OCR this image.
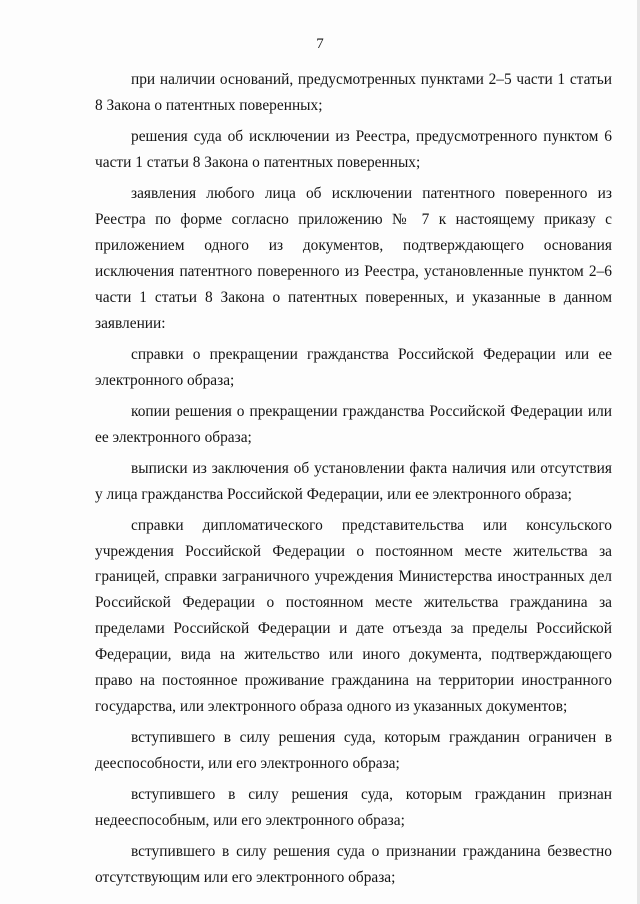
7

при наличии оснований, предусмотренных пунктами 2–5 части 1 статьи 8 Закона о патентных поверенных;

решения суда об исключении из Реестра, предусмотренного пунктом 6 части 1 статьи 8 Закона о патентных поверенных;

заявления любого лица об исключении патентного поверенного из Реестра по форме согласно приложению № 7 к настоящему приказу с приложением одного из документов, подтверждающего основания исключения патентного поверенного из Реестра, установленные пунктом 2–6 части 1 статьи 8 Закона о патентных поверенных, и указанные в данном заявлении:

справки о прекращении гражданства Российской Федерации или ее электронного образа;

копии решения о прекращении гражданства Российской Федерации или ее электронного образа;

выписки из заключения об установлении факта наличия или отсутствия у лица гражданства Российской Федерации, или ее электронного образа;

справки дипломатического представительства или консульского учреждения Российской Федерации о постоянном месте жительства за границей, справки заграничного учреждения Министерства иностранных дел Российской Федерации о постоянном месте жительства гражданина за пределами Российской Федерации и дате отъезда за пределы Российской Федерации, вида на жительство или иного документа, подтверждающего право на постоянное проживание гражданина на территории иностранного государства, или электронного образа одного из указанных документов;

вступившего в силу решения суда, которым гражданин ограничен в дееспособности, или его электронного образа;

вступившего в силу решения суда, которым гражданин признан недееспособным, или его электронного образа;

вступившего в силу решения суда о признании гражданина безвестно отсутствующим или его электронного образа;
